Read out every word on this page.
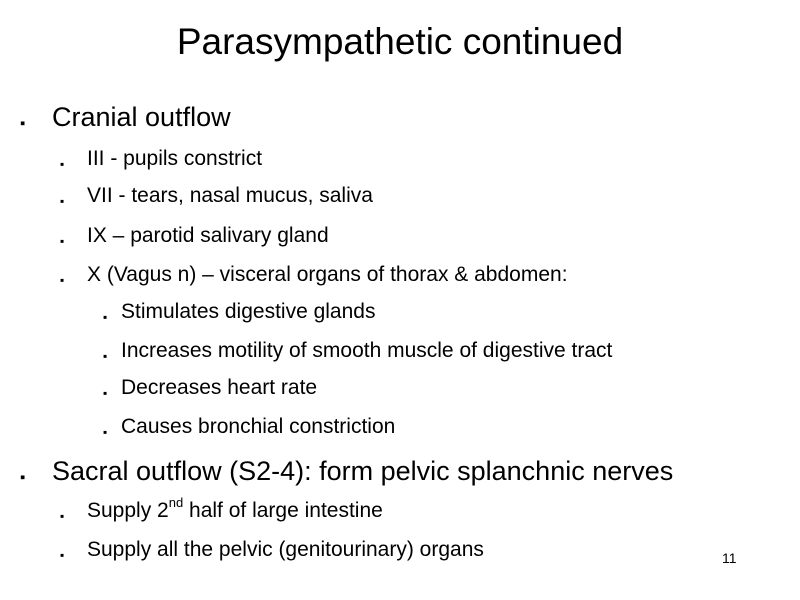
Parasympathetic continued
▪ Cranial outflow
▪ III - pupils constrict
▪ VII - tears, nasal mucus, saliva
▪ IX – parotid salivary gland
▪ X (Vagus n) – visceral organs of thorax & abdomen:
▪ Stimulates digestive glands
▪ Increases motility of smooth muscle of digestive tract
▪ Decreases heart rate
▪ Causes bronchial constriction
▪ Sacral outflow (S2-4): form pelvic splanchnic nerves
▪ Supply 2nd half of large intestine
▪ Supply all the pelvic (genitourinary) organs	11
